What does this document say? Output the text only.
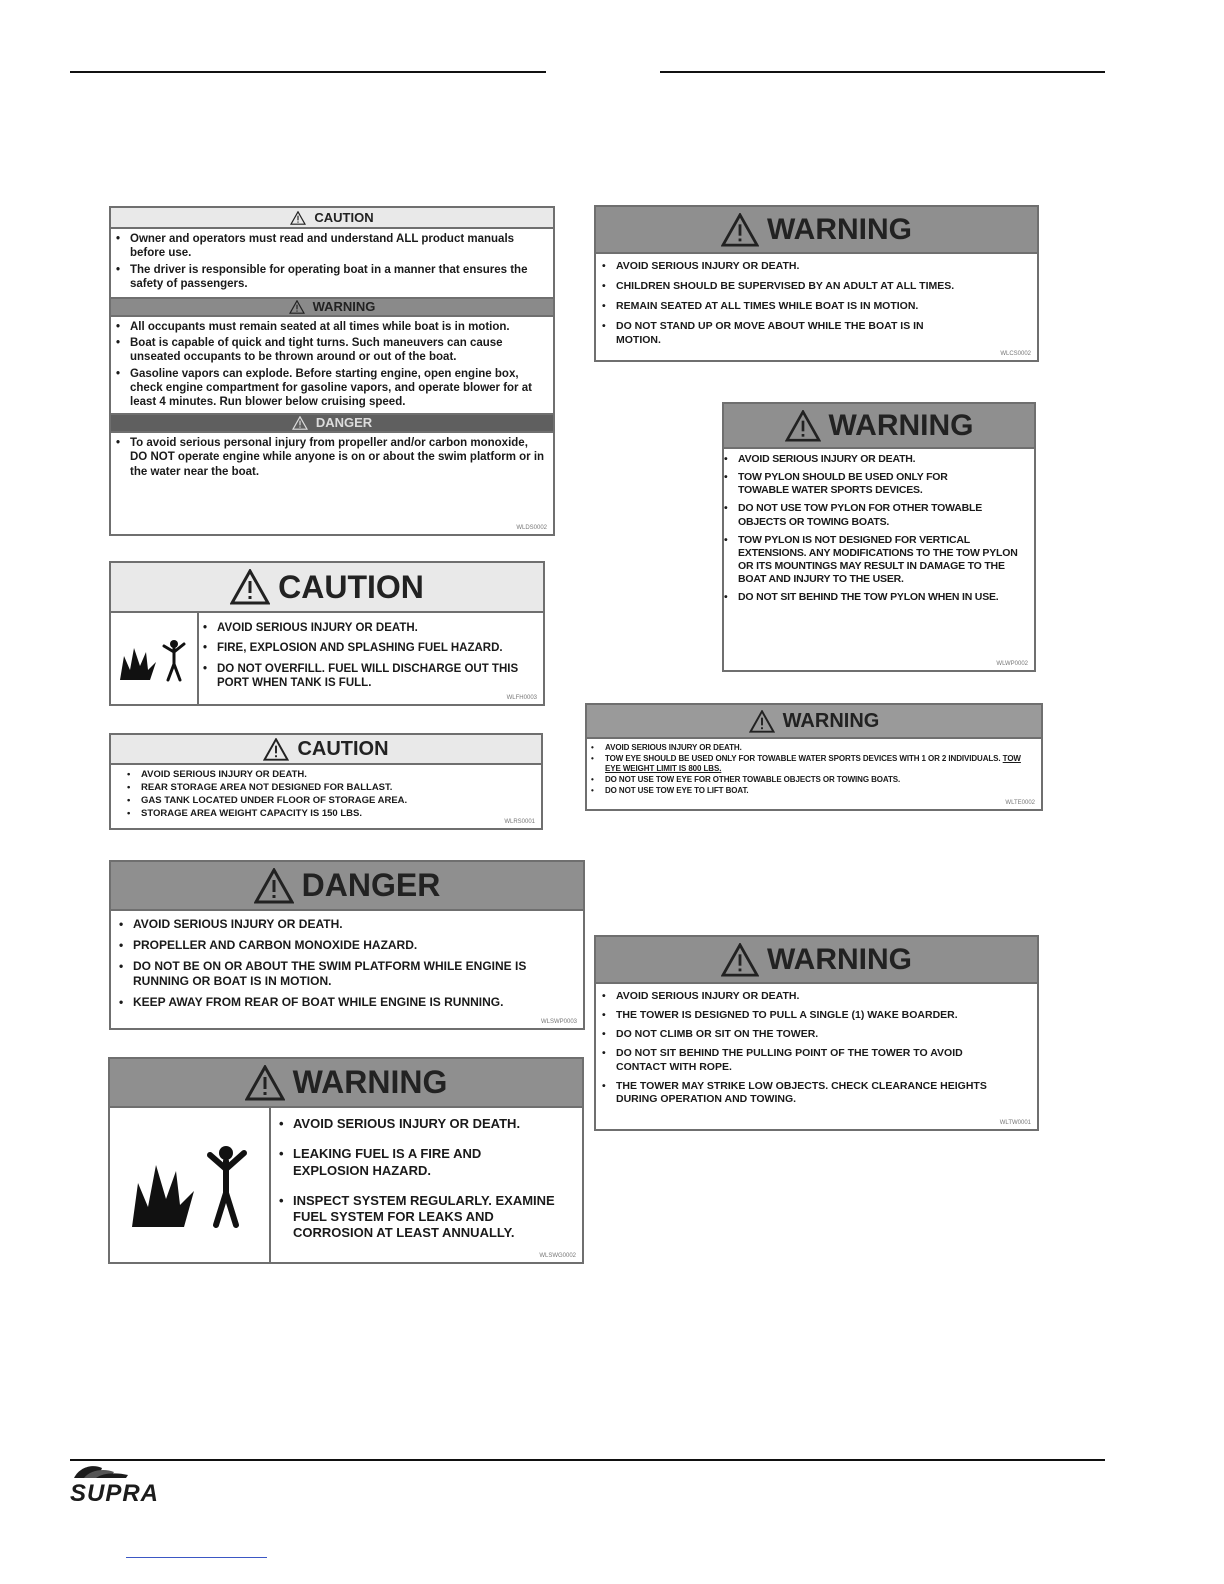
CAUTION
• Owner and operators must read and understand ALL product manuals before use.
• The driver is responsible for operating boat in a manner that ensures the safety of passengers.
WARNING
• All occupants must remain seated at all times while boat is in motion.
• Boat is capable of quick and tight turns. Such maneuvers can cause unseated occupants to be thrown around or out of the boat.
• Gasoline vapors can explode. Before starting engine, open engine box, check engine compartment for gasoline vapors, and operate blower for at least 4 minutes. Run blower below cruising speed.
DANGER
• To avoid serious personal injury from propeller and/or carbon monoxide, DO NOT operate engine while anyone is on or about the swim platform or in the water near the boat.
WLDS0002
CAUTION
• AVOID SERIOUS INJURY OR DEATH.
• FIRE, EXPLOSION AND SPLASHING FUEL HAZARD.
• DO NOT OVERFILL. FUEL WILL DISCHARGE OUT THIS PORT WHEN TANK IS FULL.
WLFH0003
CAUTION
• AVOID SERIOUS INJURY OR DEATH.
• REAR STORAGE AREA NOT DESIGNED FOR BALLAST.
• GAS TANK LOCATED UNDER FLOOR OF STORAGE AREA.
• STORAGE AREA WEIGHT CAPACITY IS 150 LBS.
WLRS0001
DANGER
• AVOID SERIOUS INJURY OR DEATH.
• PROPELLER AND CARBON MONOXIDE HAZARD.
• DO NOT BE ON OR ABOUT THE SWIM PLATFORM WHILE ENGINE IS RUNNING OR BOAT IS IN MOTION.
• KEEP AWAY FROM REAR OF BOAT WHILE ENGINE IS RUNNING.
WLSWP0003
WARNING
• AVOID SERIOUS INJURY OR DEATH.
• LEAKING FUEL IS A FIRE AND EXPLOSION HAZARD.
• INSPECT SYSTEM REGULARLY. EXAMINE FUEL SYSTEM FOR LEAKS AND CORROSION AT LEAST ANNUALLY.
WLSWG0002
WARNING
• AVOID SERIOUS INJURY OR DEATH.
• CHILDREN SHOULD BE SUPERVISED BY AN ADULT AT ALL TIMES.
• REMAIN SEATED AT ALL TIMES WHILE BOAT IS IN MOTION.
• DO NOT STAND UP OR MOVE ABOUT WHILE THE BOAT IS IN MOTION.
WLCS0002
WARNING
• AVOID SERIOUS INJURY OR DEATH.
• TOW PYLON SHOULD BE USED ONLY FOR TOWABLE WATER SPORTS DEVICES.
• DO NOT USE TOW PYLON FOR OTHER TOWABLE OBJECTS OR TOWING BOATS.
• TOW PYLON IS NOT DESIGNED FOR VERTICAL EXTENSIONS. ANY MODIFICATIONS TO THE TOW PYLON OR ITS MOUNTINGS MAY RESULT IN DAMAGE TO THE BOAT AND INJURY TO THE USER.
• DO NOT SIT BEHIND THE TOW PYLON WHEN IN USE.
WLWP0002
WARNING
• AVOID SERIOUS INJURY OR DEATH.
• TOW EYE SHOULD BE USED ONLY FOR TOWABLE WATER SPORTS DEVICES WITH 1 OR 2 INDIVIDUALS. TOW EYE WEIGHT LIMIT IS 800 LBS.
• DO NOT USE TOW EYE FOR OTHER TOWABLE OBJECTS OR TOWING BOATS.
• DO NOT USE TOW EYE TO LIFT BOAT.
WLTE0002
WARNING
• AVOID SERIOUS INJURY OR DEATH.
• THE TOWER IS DESIGNED TO PULL A SINGLE (1) WAKE BOARDER.
• DO NOT CLIMB OR SIT ON THE TOWER.
• DO NOT SIT BEHIND THE PULLING POINT OF THE TOWER TO AVOID CONTACT WITH ROPE.
• THE TOWER MAY STRIKE LOW OBJECTS. CHECK CLEARANCE HEIGHTS DURING OPERATION AND TOWING.
WLTW0001
SUPRA
